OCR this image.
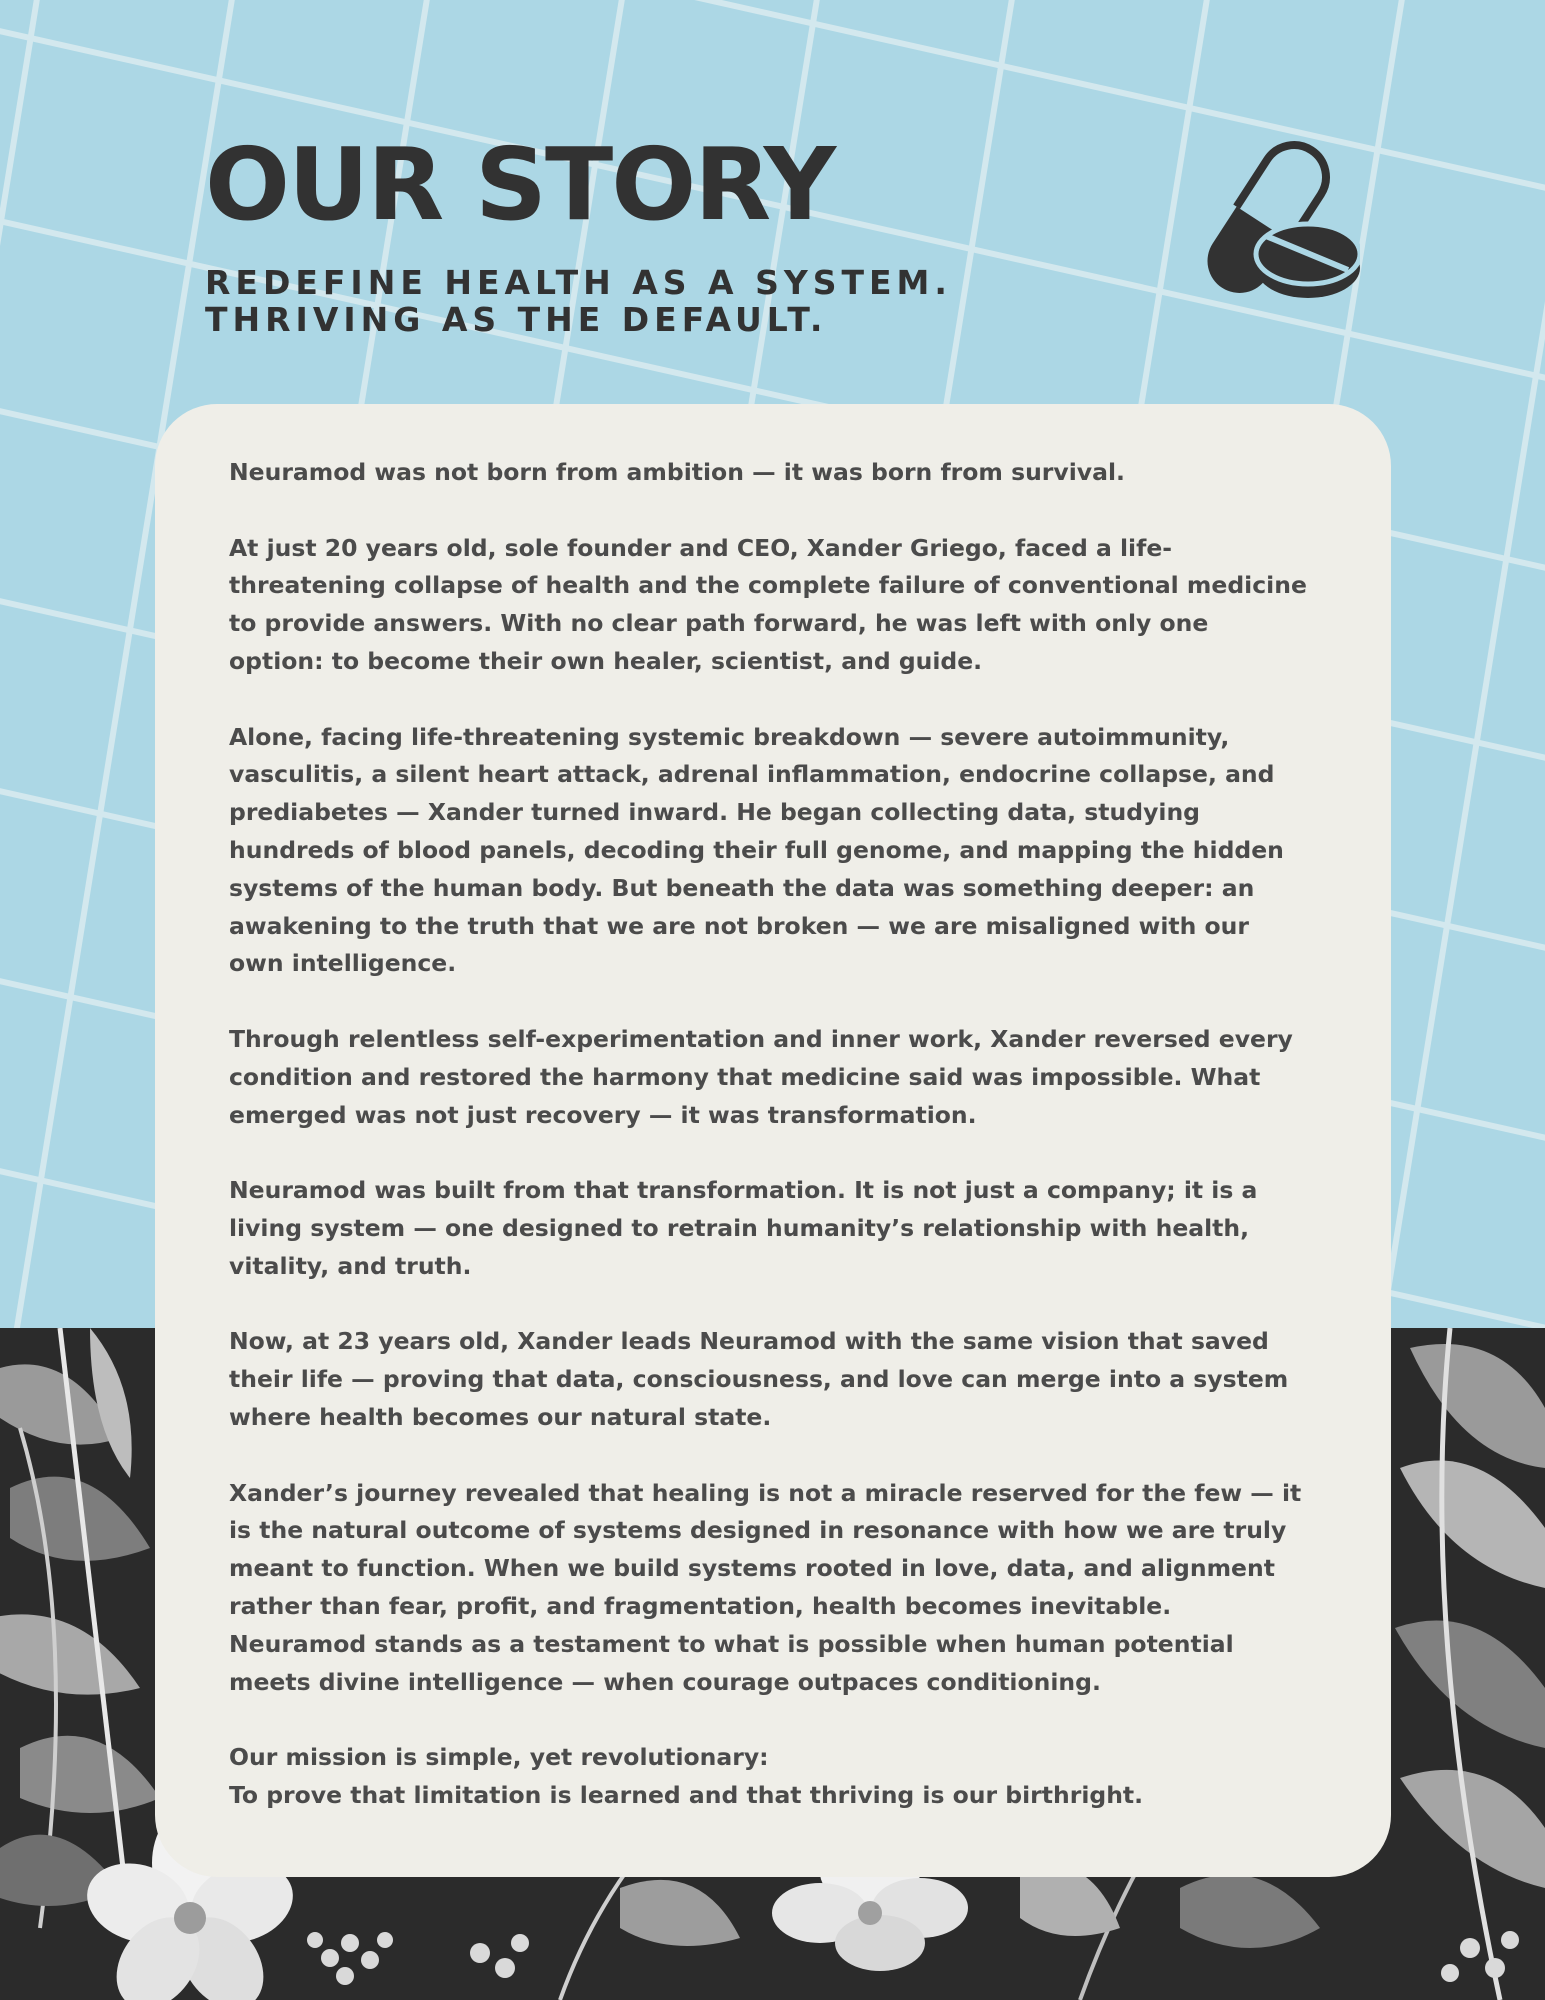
OUR STORY
REDEFINE HEALTH AS A SYSTEM.
THRIVING AS THE DEFAULT.

Neuramod was not born from ambition — it was born from survival.

At just 20 years old, sole founder and CEO, Xander Griego, faced a life-threatening collapse of health and the complete failure of conventional medicine to provide answers. With no clear path forward, he was left with only one option: to become their own healer, scientist, and guide.

Alone, facing life-threatening systemic breakdown — severe autoimmunity, vasculitis, a silent heart attack, adrenal inflammation, endocrine collapse, and prediabetes — Xander turned inward. He began collecting data, studying hundreds of blood panels, decoding their full genome, and mapping the hidden systems of the human body. But beneath the data was something deeper: an awakening to the truth that we are not broken — we are misaligned with our own intelligence.

Through relentless self-experimentation and inner work, Xander reversed every condition and restored the harmony that medicine said was impossible. What emerged was not just recovery — it was transformation.

Neuramod was built from that transformation. It is not just a company; it is a living system — one designed to retrain humanity’s relationship with health, vitality, and truth.

Now, at 23 years old, Xander leads Neuramod with the same vision that saved their life — proving that data, consciousness, and love can merge into a system where health becomes our natural state.

Xander’s journey revealed that healing is not a miracle reserved for the few — it is the natural outcome of systems designed in resonance with how we are truly meant to function. When we build systems rooted in love, data, and alignment rather than fear, profit, and fragmentation, health becomes inevitable. Neuramod stands as a testament to what is possible when human potential meets divine intelligence — when courage outpaces conditioning.

Our mission is simple, yet revolutionary:
To prove that limitation is learned and that thriving is our birthright.
